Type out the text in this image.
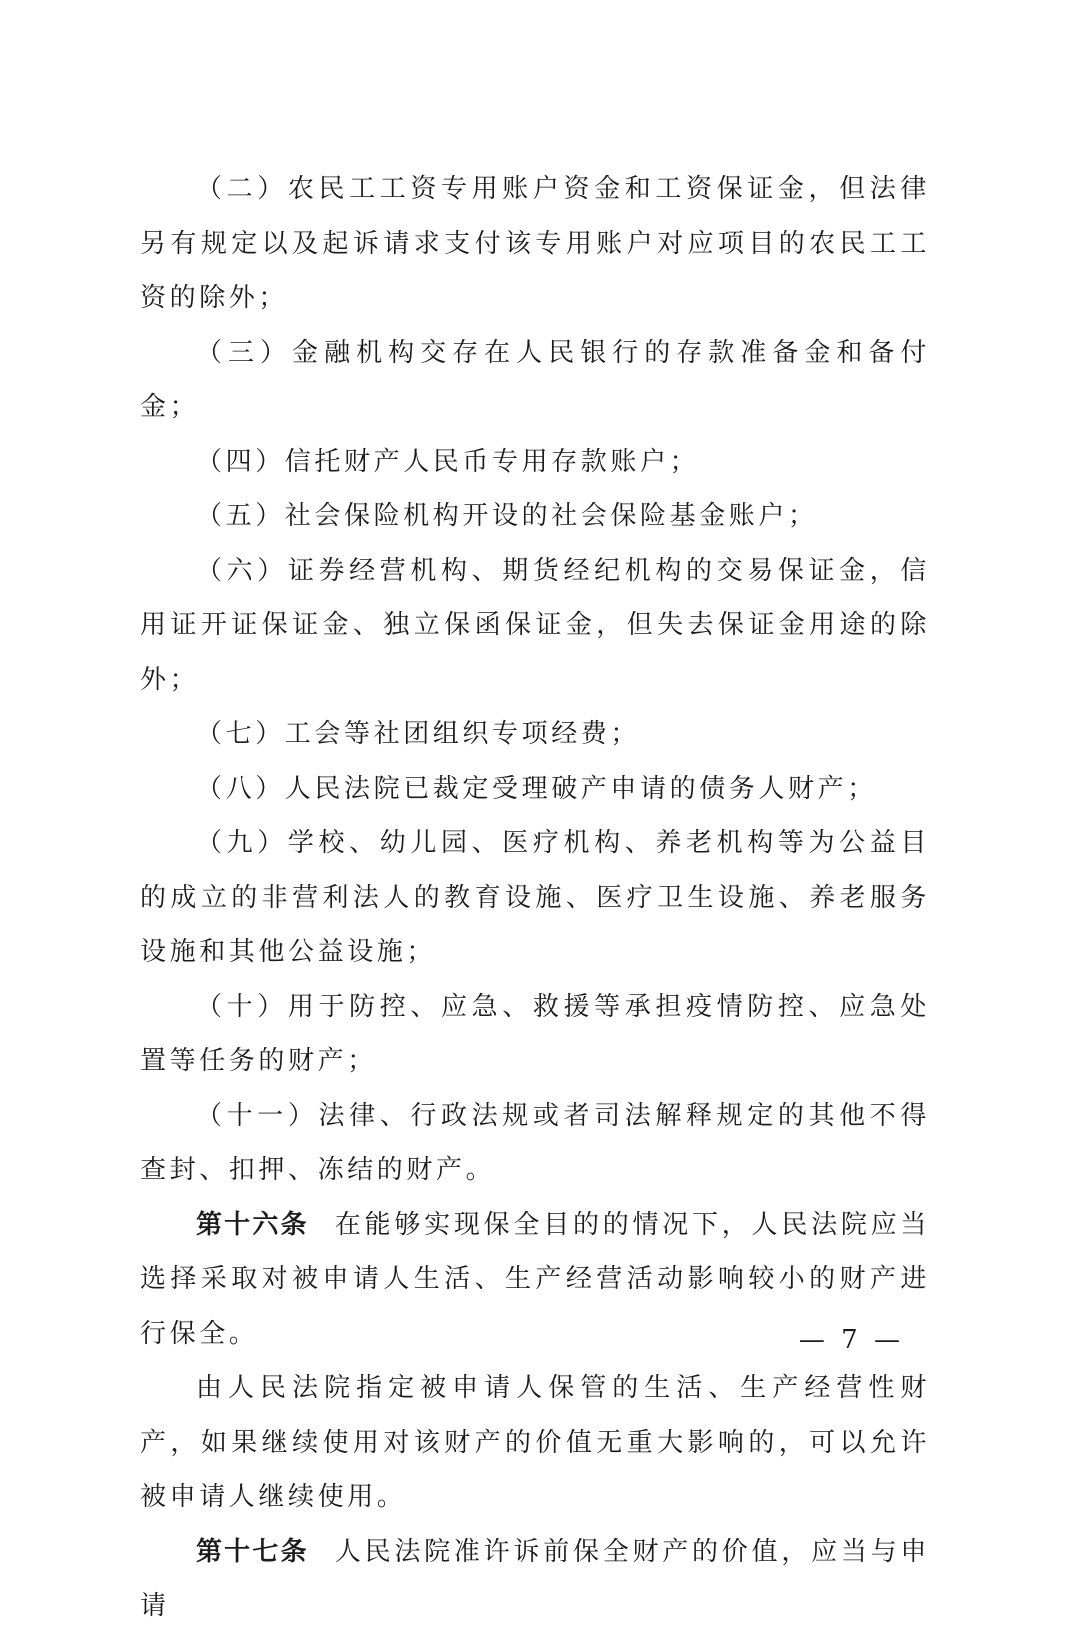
（二）农民工工资专用账户资金和工资保证金，但法律另有规定以及起诉请求支付该专用账户对应项目的农民工工资的除外；

（三）金融机构交存在人民银行的存款准备金和备付金；

（四）信托财产人民币专用存款账户；

（五）社会保险机构开设的社会保险基金账户；

（六）证券经营机构、期货经纪机构的交易保证金，信用证开证保证金、独立保函保证金，但失去保证金用途的除外；

（七）工会等社团组织专项经费；

（八）人民法院已裁定受理破产申请的债务人财产；

（九）学校、幼儿园、医疗机构、养老机构等为公益目的成立的非营利法人的教育设施、医疗卫生设施、养老服务设施和其他公益设施；

（十）用于防控、应急、救援等承担疫情防控、应急处置等任务的财产；

（十一）法律、行政法规或者司法解释规定的其他不得查封、扣押、冻结的财产。

第十六条 在能够实现保全目的的情况下，人民法院应当选择采取对被申请人生活、生产经营活动影响较小的财产进行保全。

由人民法院指定被申请人保管的生活、生产经营性财产，如果继续使用对该财产的价值无重大影响的，可以允许被申请人继续使用。

第十七条 人民法院准许诉前保全财产的价值，应当与申请

— 7 —
